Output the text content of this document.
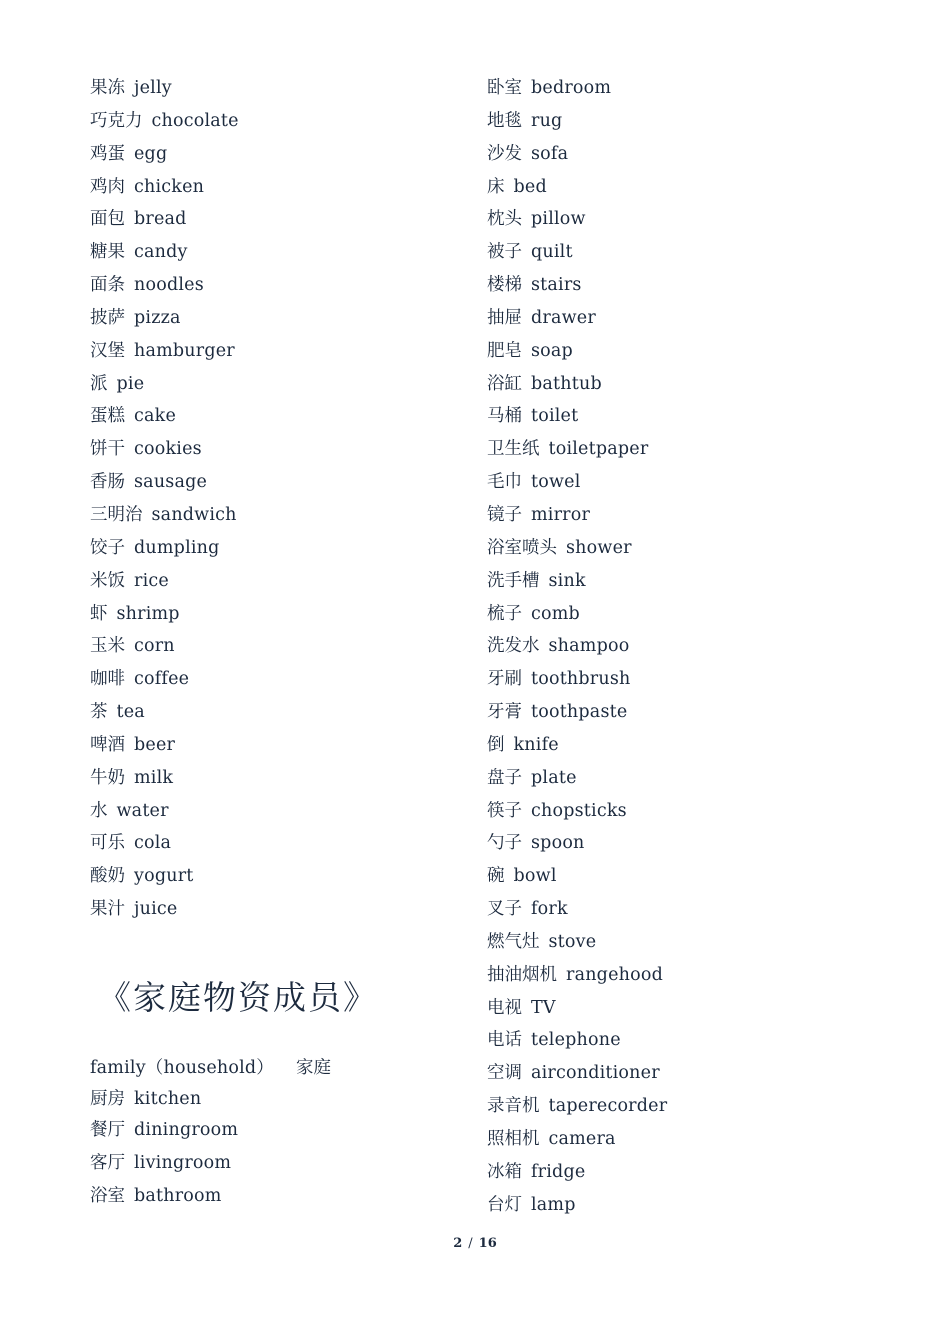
果冻 jelly
巧克力 chocolate
鸡蛋 egg
鸡肉 chicken
面包 bread
糖果 candy
面条 noodles
披萨 pizza
汉堡 hamburger
派 pie
蛋糕 cake
饼干 cookies
香肠 sausage
三明治 sandwich
饺子 dumpling
米饭 rice
虾 shrimp
玉米 corn
咖啡 coffee
茶 tea
啤酒 beer
牛奶 milk
水 water
可乐 cola
酸奶 yogurt
果汁 juice
《家庭物资成员》
family（household） 家庭
厨房 kitchen
餐厅 diningroom
客厅 livingroom
浴室 bathroom
卧室 bedroom
地毯 rug
沙发 sofa
床 bed
枕头 pillow
被子 quilt
楼梯 stairs
抽屉 drawer
肥皂 soap
浴缸 bathtub
马桶 toilet
卫生纸 toiletpaper
毛巾 towel
镜子 mirror
浴室喷头 shower
洗手槽 sink
梳子 comb
洗发水 shampoo
牙刷 toothbrush
牙膏 toothpaste
倒 knife
盘子 plate
筷子 chopsticks
勺子 spoon
碗 bowl
叉子 fork
燃气灶 stove
抽油烟机 rangehood
电视 TV
电话 telephone
空调 airconditioner
录音机 taperecorder
照相机 camera
冰箱 fridge
台灯 lamp
2 / 16
